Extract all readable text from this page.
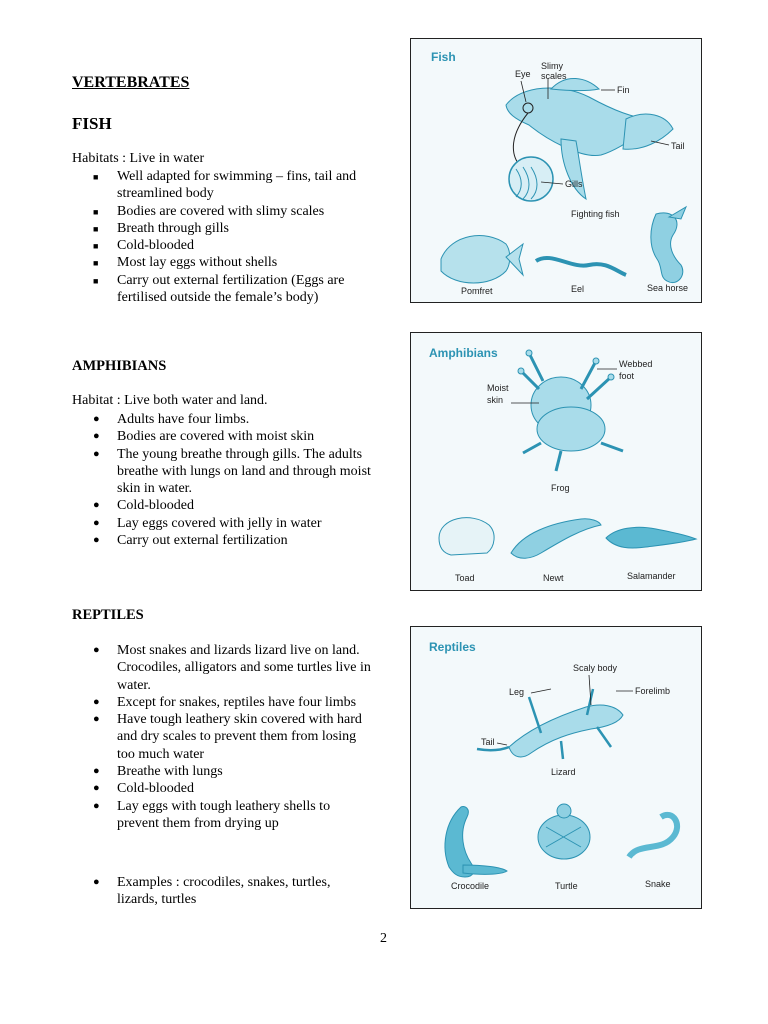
VERTEBRATES
FISH
Habitats : Live in water
■ Well adapted for swimming – fins, tail and streamlined body
■ Bodies are covered with slimy scales
■ Breath through gills
■ Cold-blooded
■ Most lay eggs without shells
■ Carry out external fertilization (Eggs are fertilised outside the female’s body)
AMPHIBIANS
Habitat : Live both water and land.
● Adults have four limbs.
● Bodies are covered with moist skin
● The young breathe through gills. The adults breathe with lungs on land and through moist skin in water.
● Cold-blooded
● Lay eggs covered with jelly in water
● Carry out external fertilization
REPTILES
● Most snakes and lizards lizard live on land. Crocodiles, alligators and some turtles live in water.
● Except for snakes, reptiles have four limbs
● Have tough leathery skin covered with hard and dry scales to prevent them from losing too much water
● Breathe with lungs
● Cold-blooded
● Lay eggs with tough leathery shells to prevent them from drying up
● Examples : crocodiles, snakes, turtles, lizards, turtles
Fish
Eye
Slimy
scales
Fin
Tail
Gills
Fighting fish
Pomfret	Eel	Sea horse
Amphibians
Webbed
foot
Moist
skin
Frog
Toad	Newt	Salamander
Reptiles
Scaly body
Leg	Forelimb
Tail
Lizard
Crocodile	Turtle	Snake
2
